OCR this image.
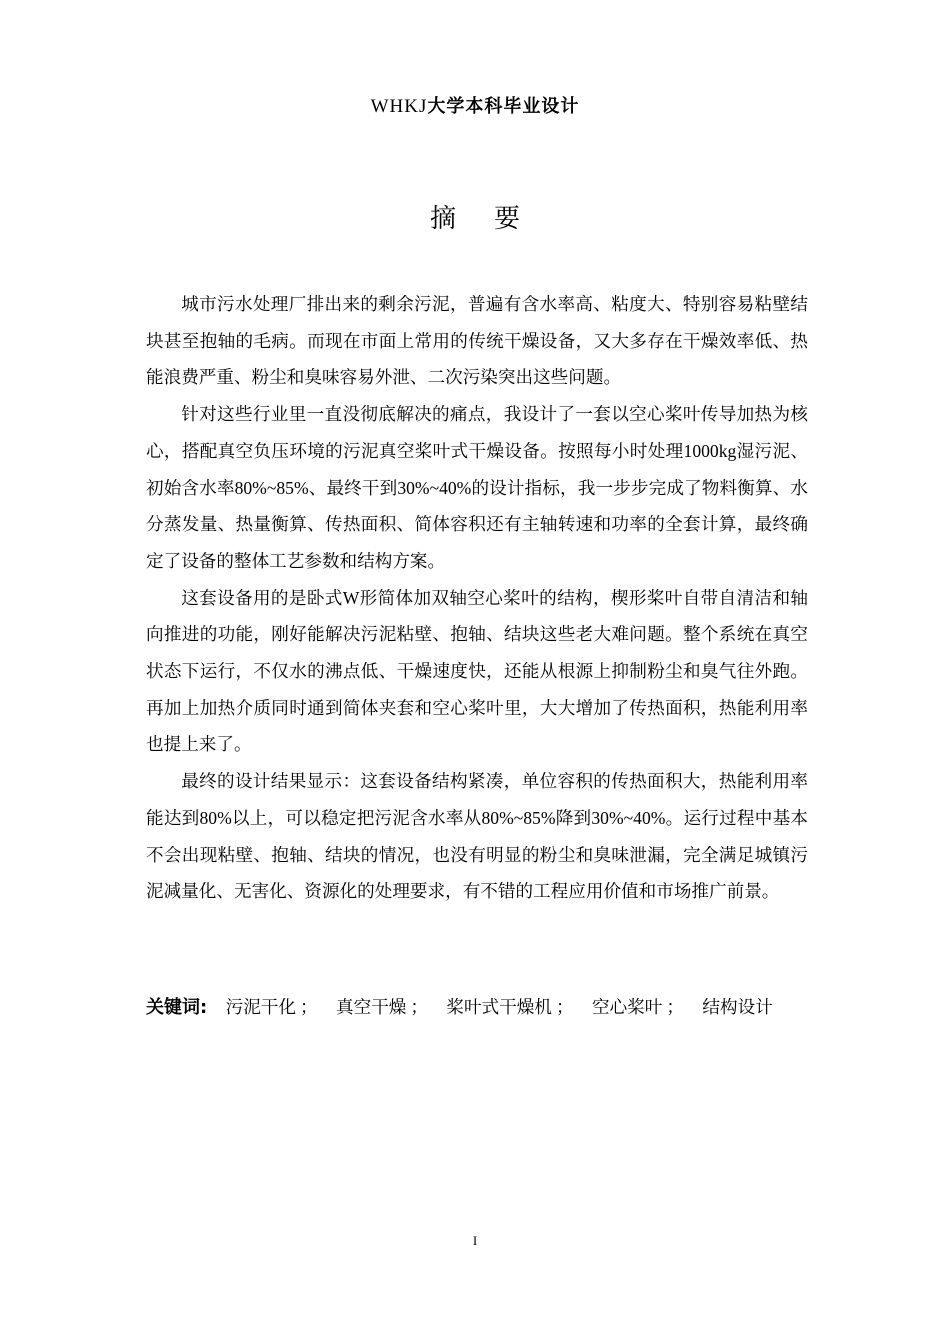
WHKJ大学本科毕业设计
摘要

城市污水处理厂排出来的剩余污泥，普遍有含水率高、粘度大、特别容易粘壁结块甚至抱轴的毛病。而现在市面上常用的传统干燥设备，又大多存在干燥效率低、热能浪费严重、粉尘和臭味容易外泄、二次污染突出这些问题。

针对这些行业里一直没彻底解决的痛点，我设计了一套以空心桨叶传导加热为核心，搭配真空负压环境的污泥真空桨叶式干燥设备。按照每小时处理1000kg湿污泥、初始含水率80%~85%、最终干到30%~40%的设计指标，我一步步完成了物料衡算、水分蒸发量、热量衡算、传热面积、简体容积还有主轴转速和功率的全套计算，最终确定了设备的整体工艺参数和结构方案。

这套设备用的是卧式W形简体加双轴空心桨叶的结构，楔形桨叶自带自清洁和轴向推进的功能，刚好能解决污泥粘壁、抱轴、结块这些老大难问题。整个系统在真空状态下运行，不仅水的沸点低、干燥速度快，还能从根源上抑制粉尘和臭气往外跑。再加上加热介质同时通到简体夹套和空心桨叶里，大大增加了传热面积，热能利用率也提上来了。

最终的设计结果显示：这套设备结构紧凑，单位容积的传热面积大，热能利用率能达到80%以上，可以稳定把污泥含水率从80%~85%降到30%~40%。运行过程中基本不会出现粘壁、抱轴、结块的情况，也没有明显的粉尘和臭味泄漏，完全满足城镇污泥减量化、无害化、资源化的处理要求，有不错的工程应用价值和市场推广前景。

关键词: 污泥干化 ； 真空干燥 ； 桨叶式干燥机 ； 空心桨叶 ； 结构设计
I
